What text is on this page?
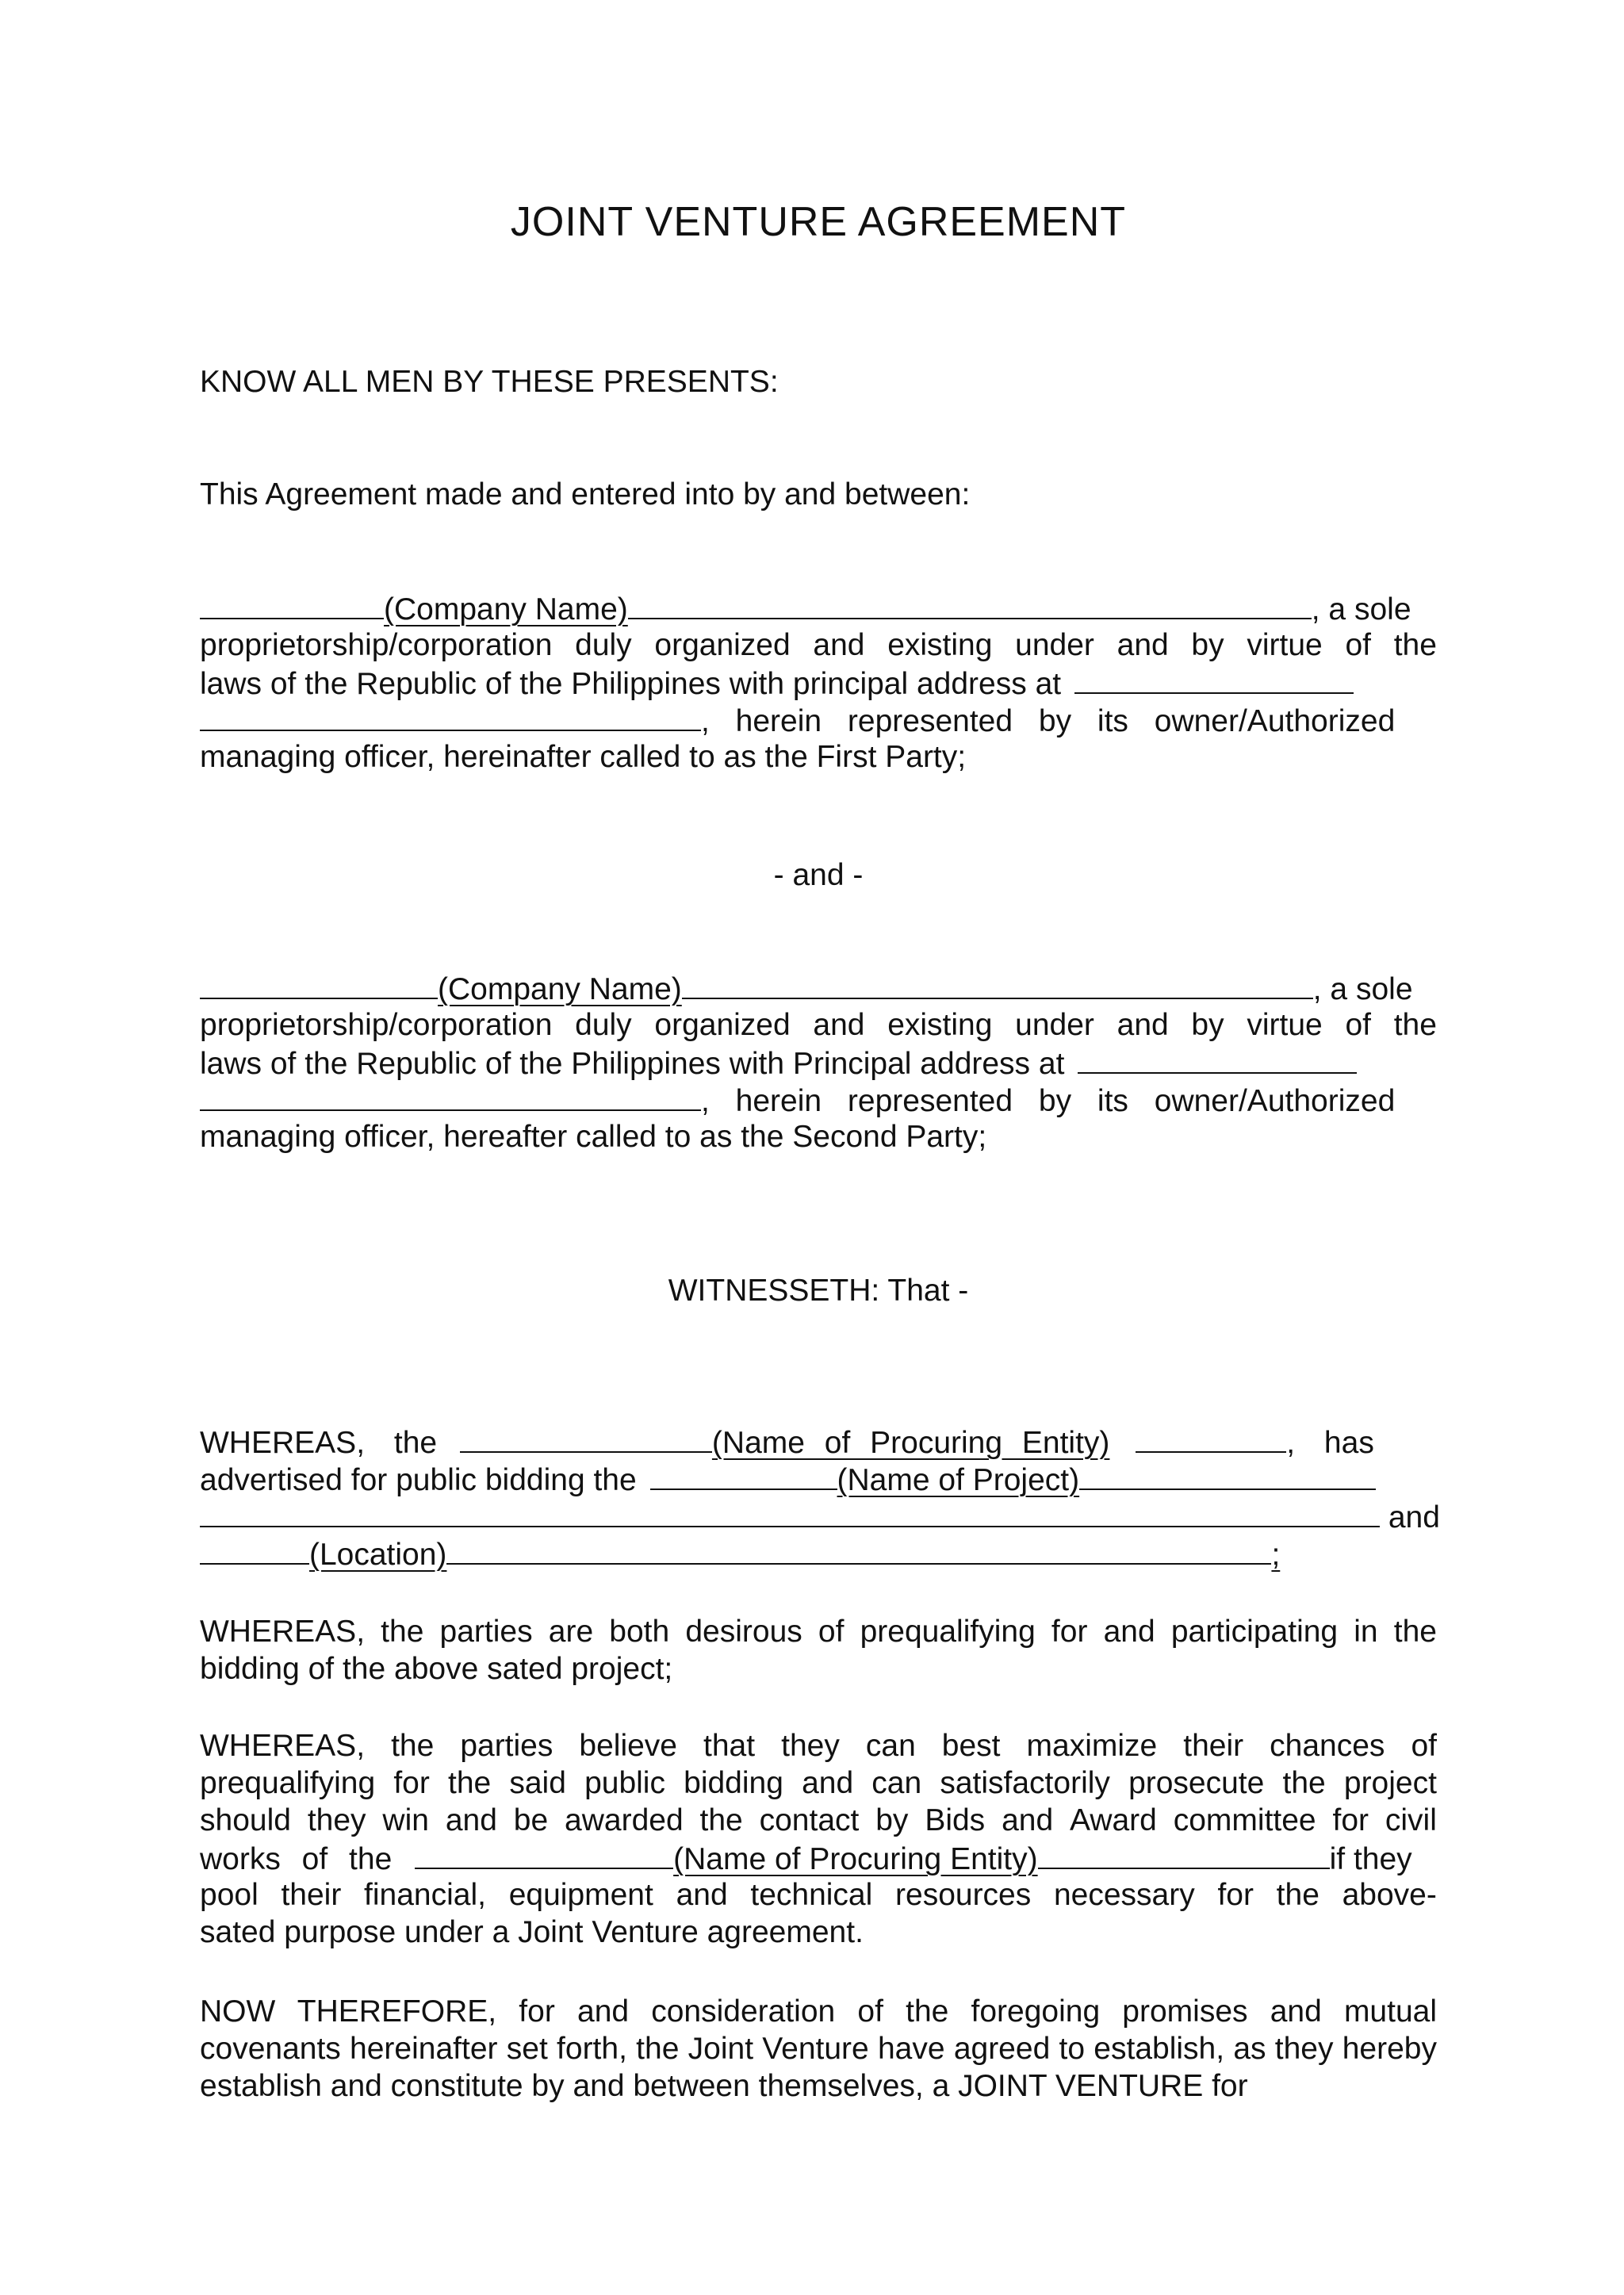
JOINT VENTURE AGREEMENT
KNOW ALL MEN BY THESE PRESENTS:
This Agreement made and entered into by and between:
(Company Name)	, a sole
proprietorship/corporation duly organized and existing under and by virtue of the
laws of the Republic of the Philippines with principal address at
, herein represented by its owner/Authorized
managing officer, hereinafter called to as the First Party;
- and -
(Company Name)	, a sole
proprietorship/corporation duly organized and existing under and by virtue of the
laws of the Republic of the Philippines with Principal address at
, herein represented by its owner/Authorized
managing officer, hereafter called to as the Second Party;
WITNESSETH: That -
WHEREAS, the	(Name of Procuring Entity)	, has
advertised for public bidding the	(Name of Project)
and
(Location)	;
WHEREAS, the parties are both desirous of prequalifying for and participating in the bidding of the above sated project;
WHEREAS, the parties believe that they can best maximize their chances of
prequalifying for the said public bidding and can satisfactorily prosecute the project
should they win and be awarded the contact by Bids and Award committee for civil
works of the	(Name of Procuring Entity)	if they
pool their financial, equipment and technical resources necessary for the above-
sated purpose under a Joint Venture agreement.
NOW THEREFORE, for and consideration of the foregoing promises and mutual covenants hereinafter set forth, the Joint Venture have agreed to establish, as they hereby establish and constitute by and between themselves, a JOINT VENTURE for
